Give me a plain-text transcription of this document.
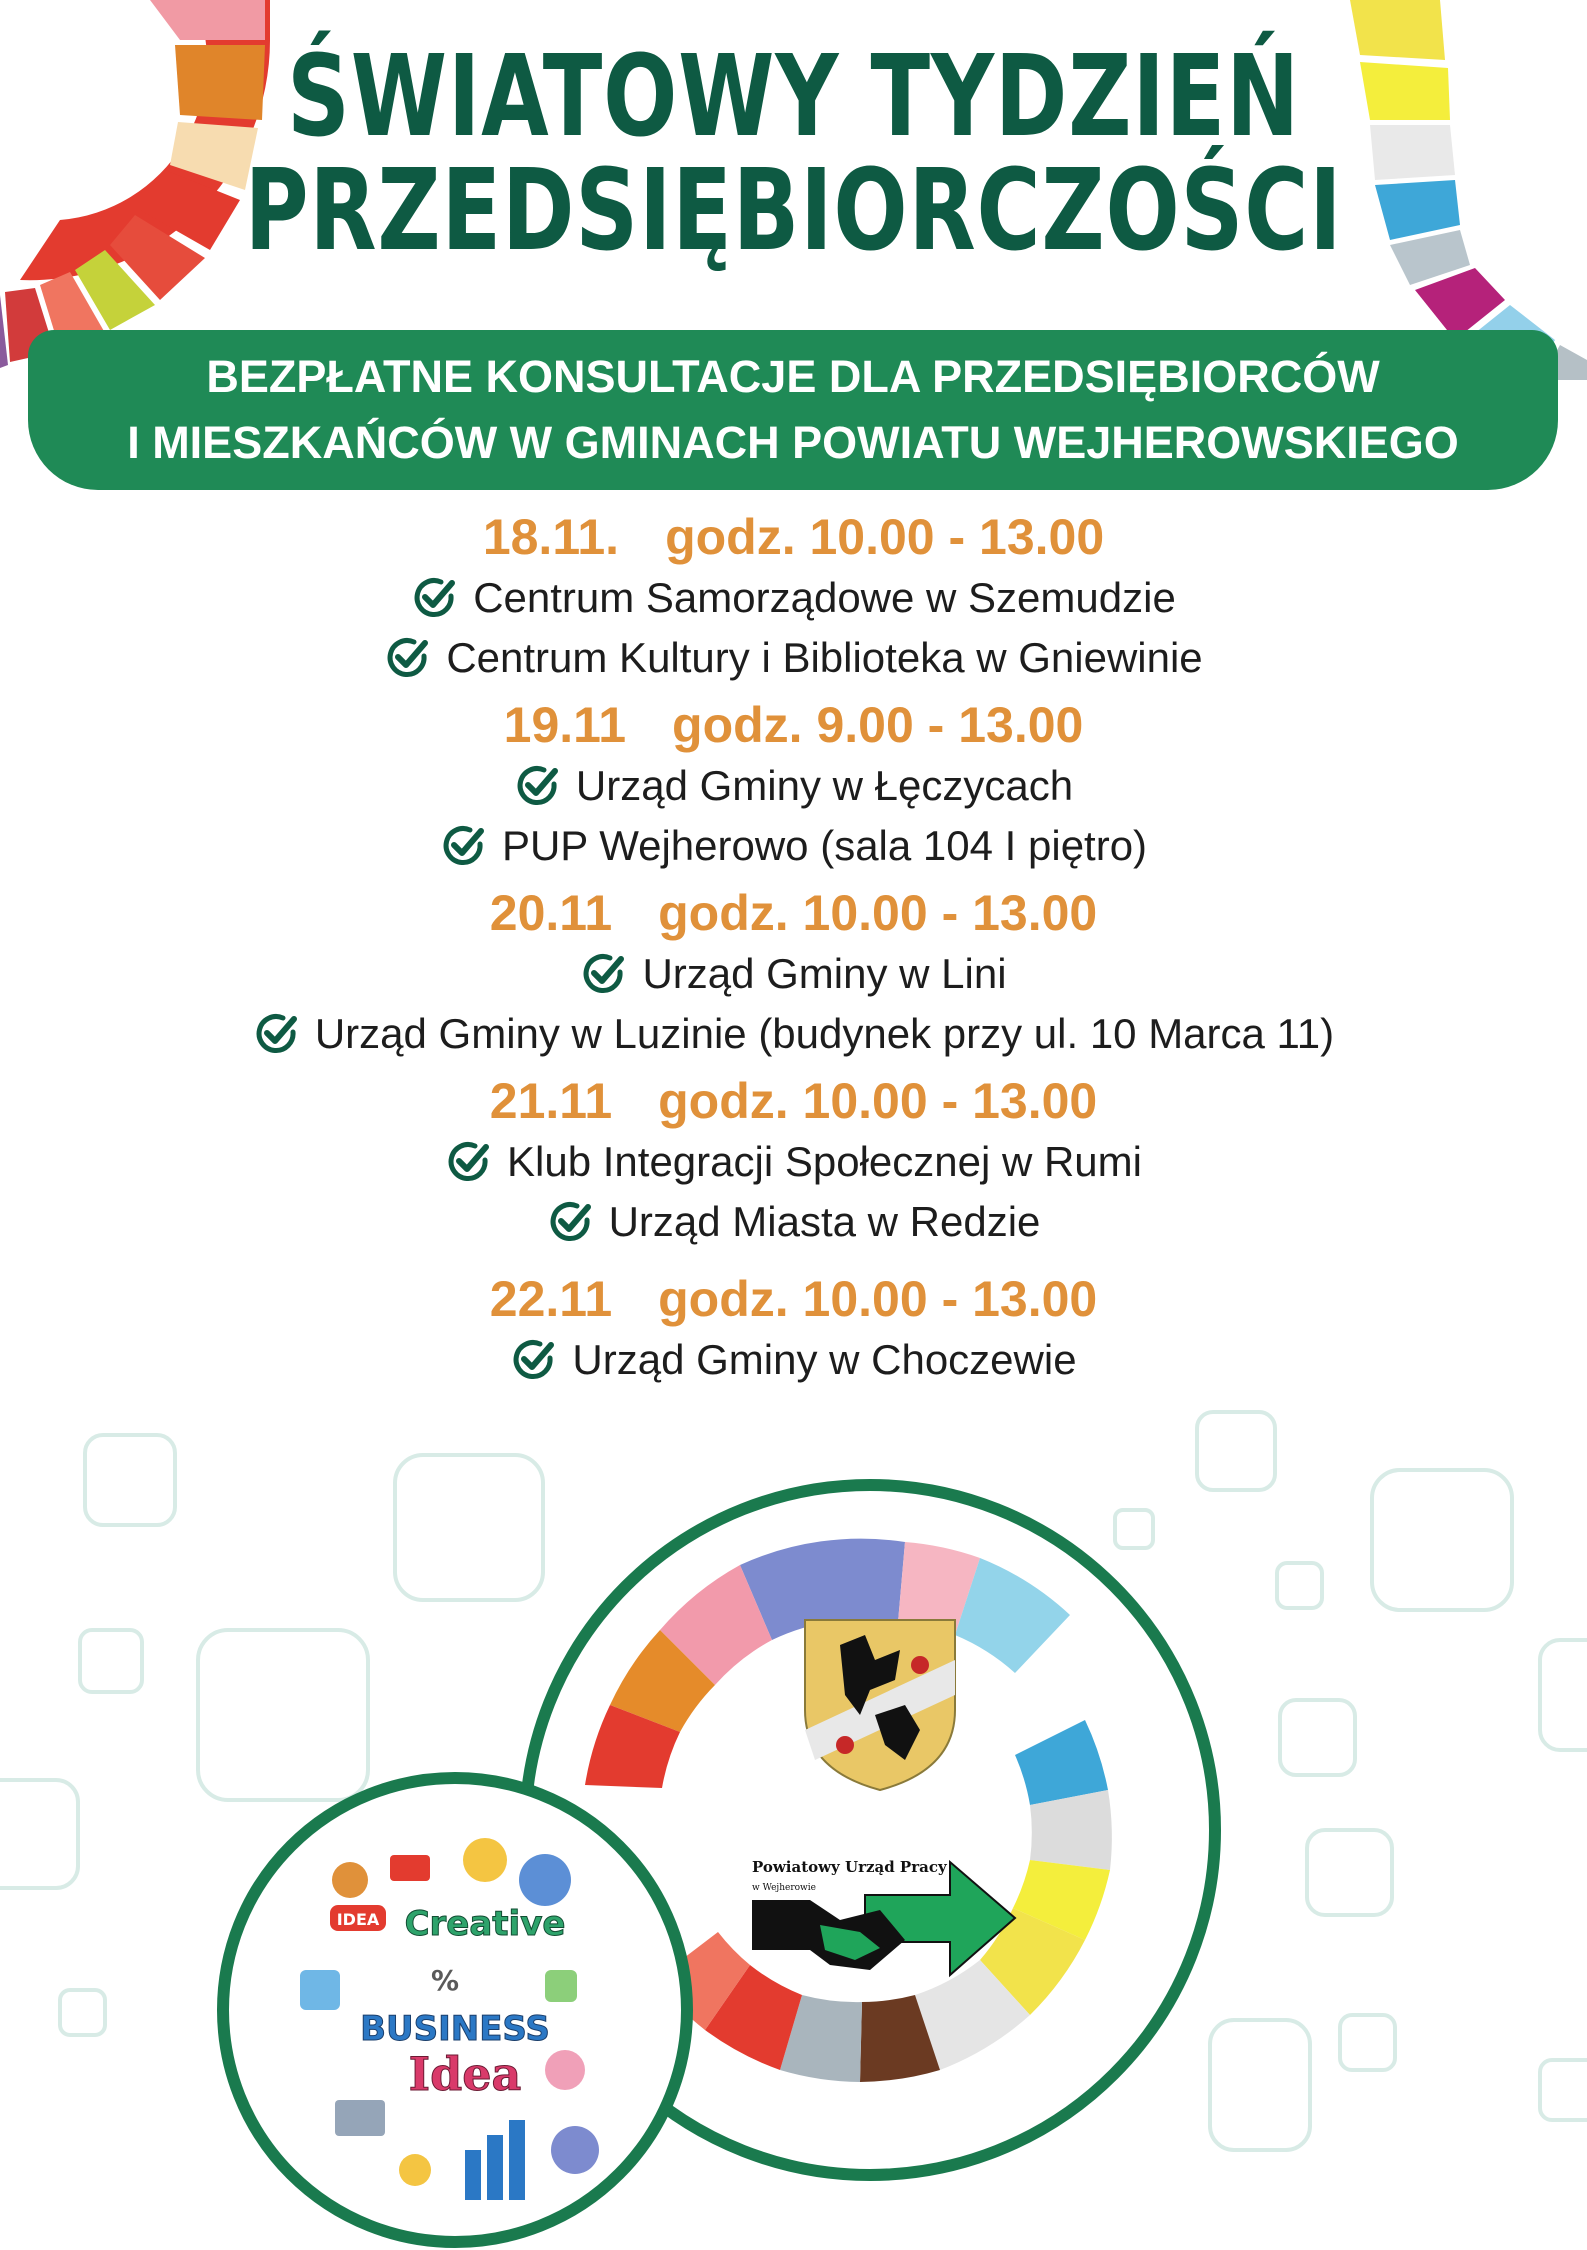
ŚWIATOWY TYDZIEŃ
PRZEDSIĘBIORCZOŚCI
BEZPŁATNE KONSULTACJE DLA PRZEDSIĘBIORCÓW
I MIESZKAŃCÓW W GMINACH POWIATU WEJHEROWSKIEGO
18.11. godz. 10.00 - 13.00
Centrum Samorządowe w Szemudzie
Centrum Kultury i Biblioteka w Gniewinie
19.11 godz. 9.00 - 13.00
Urząd Gminy w Łęczycach
PUP Wejherowo (sala 104 I piętro)
20.11 godz. 10.00 - 13.00
Urząd Gminy w Lini
Urząd Gminy w Luzinie (budynek przy ul. 10 Marca 11)
21.11 godz. 10.00 - 13.00
Klub Integracji Społecznej w Rumi
Urząd Miasta w Redzie
22.11 godz. 10.00 - 13.00
Urząd Gminy w Choczewie
Powiatowy Urząd Pracy
w Wejherowie
IDEA Creative
%
BUSINESS
Idea
